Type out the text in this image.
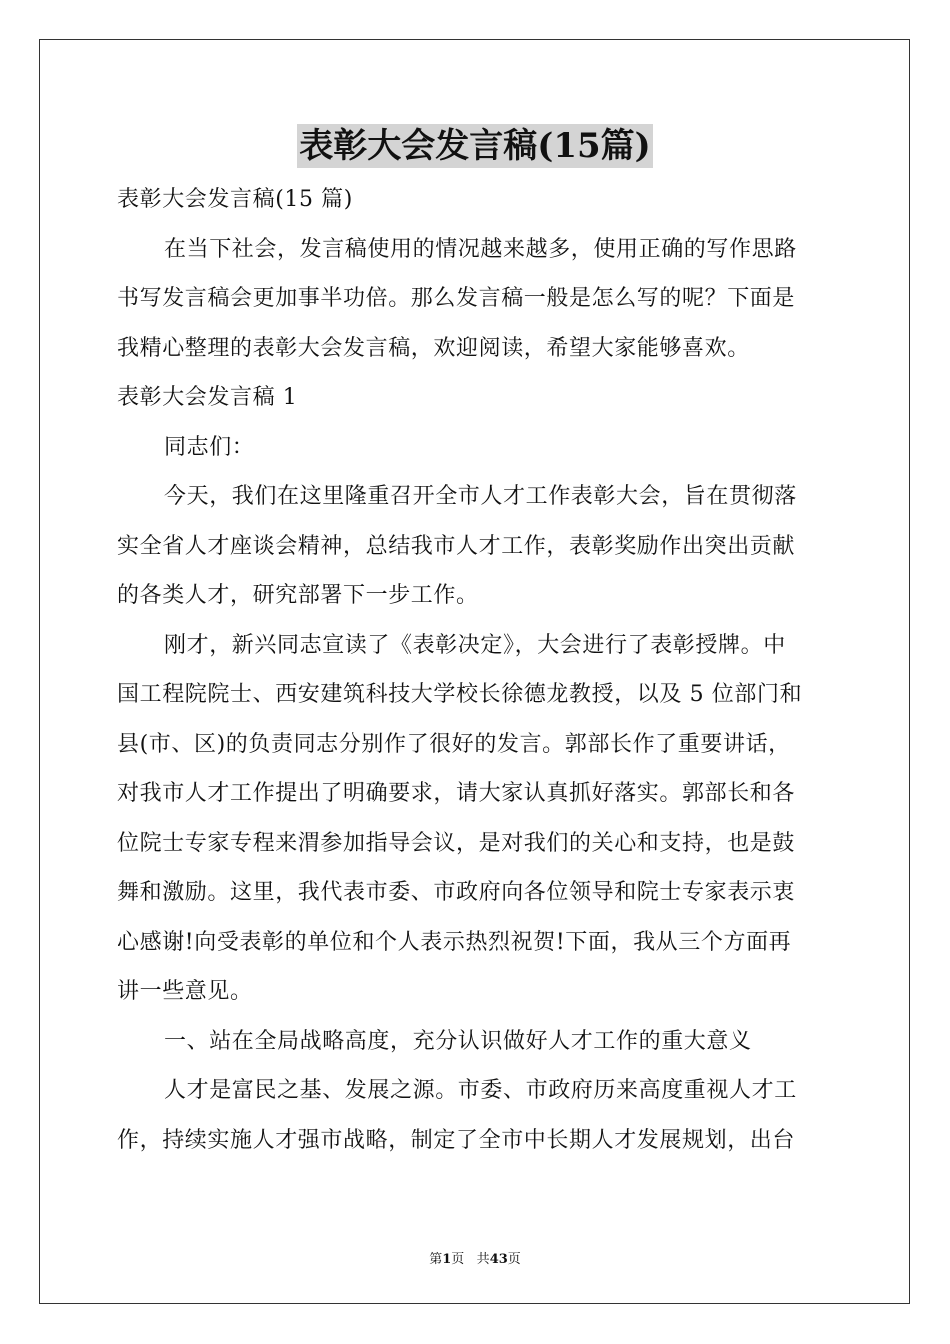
表彰大会发言稿(15篇)
表彰大会发言稿(15 篇)
在当下社会，发言稿使用的情况越来越多，使用正确的写作思路
书写发言稿会更加事半功倍。那么发言稿一般是怎么写的呢？下面是
我精心整理的表彰大会发言稿，欢迎阅读，希望大家能够喜欢。
表彰大会发言稿 1
同志们：
今天，我们在这里隆重召开全市人才工作表彰大会，旨在贯彻落
实全省人才座谈会精神，总结我市人才工作，表彰奖励作出突出贡献
的各类人才，研究部署下一步工作。
刚才，新兴同志宣读了《表彰决定》，大会进行了表彰授牌。中
国工程院院士、西安建筑科技大学校长徐德龙教授，以及 5 位部门和
县(市、区)的负责同志分别作了很好的发言。郭部长作了重要讲话，
对我市人才工作提出了明确要求，请大家认真抓好落实。郭部长和各
位院士专家专程来渭参加指导会议，是对我们的关心和支持，也是鼓
舞和激励。这里，我代表市委、市政府向各位领导和院士专家表示衷
心感谢!向受表彰的单位和个人表示热烈祝贺!下面，我从三个方面再
讲一些意见。
一、站在全局战略高度，充分认识做好人才工作的重大意义
人才是富民之基、发展之源。市委、市政府历来高度重视人才工
作，持续实施人才强市战略，制定了全市中长期人才发展规划，出台
第1页 共43页
